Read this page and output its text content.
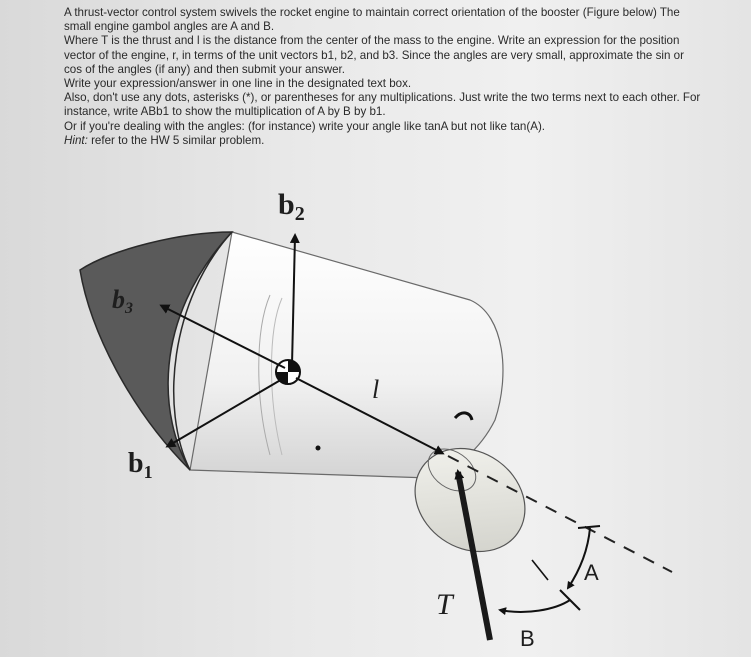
A thrust-vector control system swivels the rocket engine to maintain correct orientation of the booster (Figure below) The small engine gambol angles are A and B.

Where T is the thrust and l is the distance from the center of the mass to the engine. Write an expression for the position vector of the engine, r, in terms of the unit vectors b1, b2, and b3. Since the angles are very small, approximate the sin or cos of the angles (if any) and then submit your answer.

Write your expression/answer in one line in the designated text box.

Also, don't use any dots, asterisks (*), or parentheses for any multiplications. Just write the two terms next to each other. For instance, write ABb1 to show the multiplication of A by B by b1.

Or if you're dealing with the angles: (for instance) write your angle like tanA but not like tan(A).

Hint: refer to the HW 5 similar problem.

$b_2$
b3
$b_1$
l
T
A
B
